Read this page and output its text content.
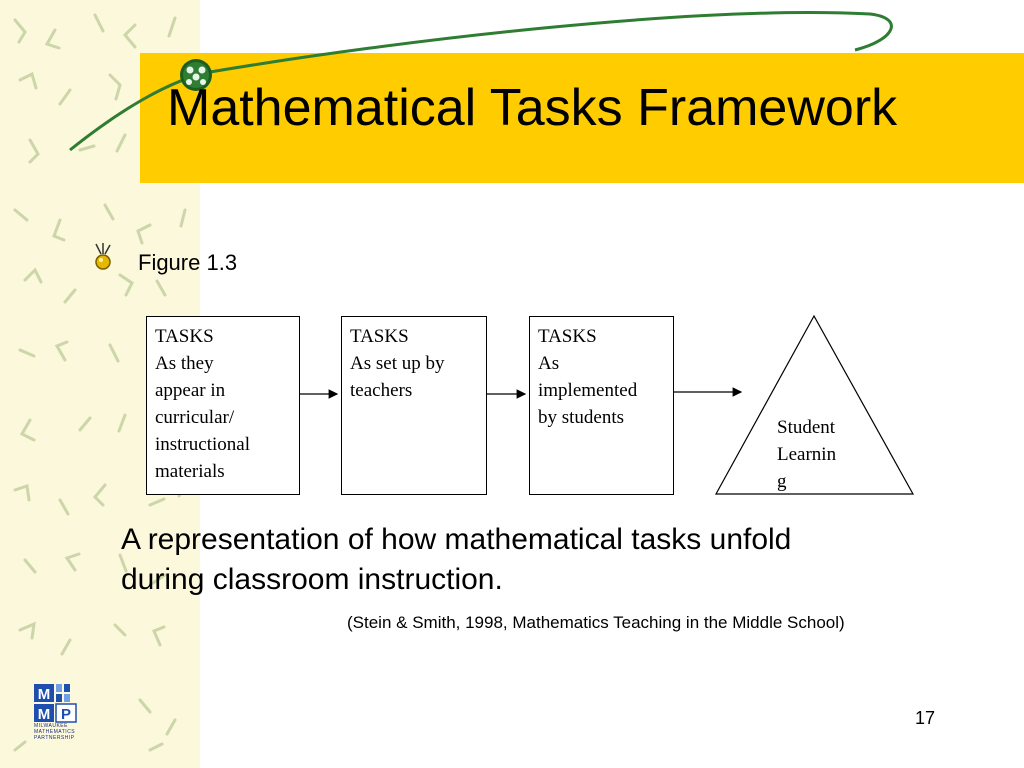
Mathematical Tasks Framework
Figure 1.3
TASKS
As they
appear in
curricular/
instructional
materials
TASKS
As set up by
teachers
TASKS
As
implemented
by students	Student
Learnin
g
A representation of how mathematical tasks unfold
during classroom instruction.
(Stein & Smith, 1998, Mathematics Teaching in the Middle School)
17
M
M P
MILWAUKEE
MATHEMATICS
PARTNERSHIP
